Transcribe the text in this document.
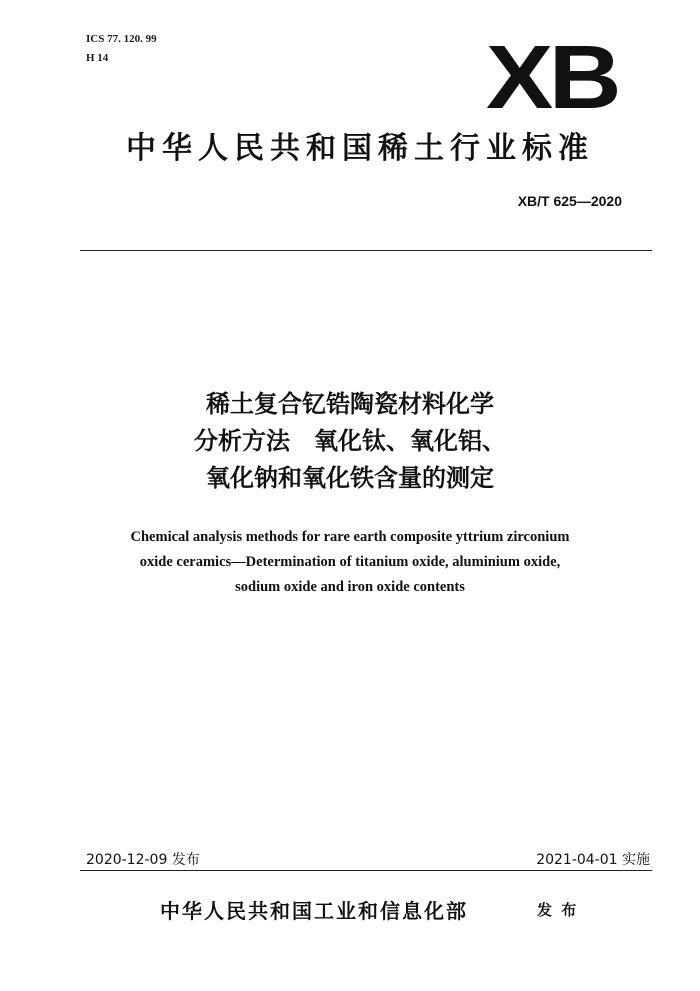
ICS 77. 120. 99
H 14	XB
中华人民共和国稀土行业标准
XB/T 625—2020
稀土复合钇锆陶瓷材料化学
分析方法　氧化钛、氧化铝、
氧化钠和氧化铁含量的测定
Chemical analysis methods for rare earth composite yttrium zirconium
oxide ceramics—Determination of titanium oxide, aluminium oxide,
sodium oxide and iron oxide contents
2020-12-09 发布	2021-04-01 实施
中华人民共和国工业和信息化部	发 布
